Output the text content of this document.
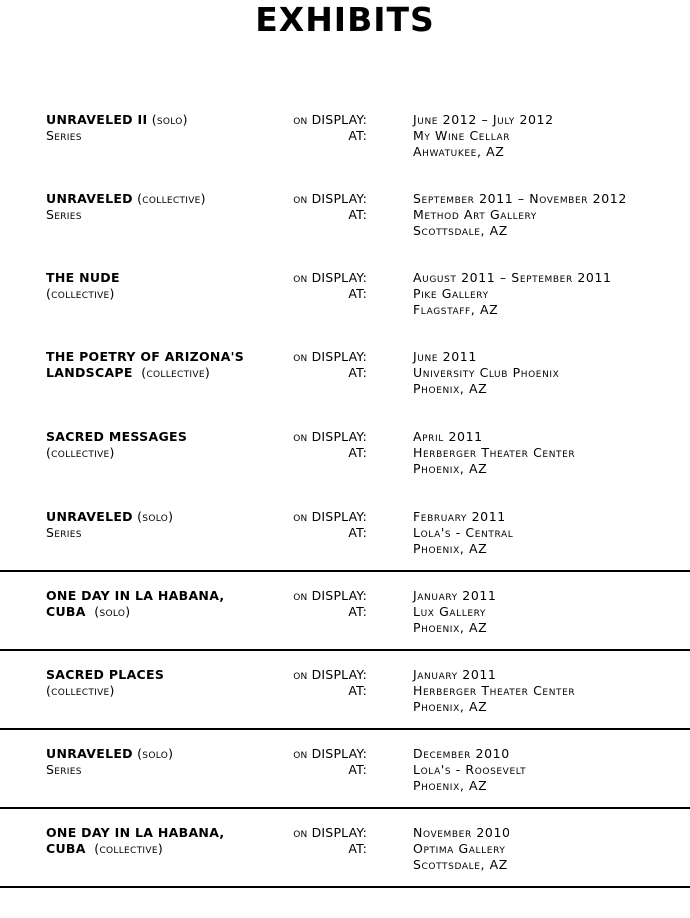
EXHIBITS
UNRAVELED II (solo)
Series
on DISPLAY:
AT:
June 2012 – July 2012
My Wine Cellar
Ahwatukee, AZ
UNRAVELED (collective)
Series
on DISPLAY:
AT:
September 2011 – November 2012
Method Art Gallery
Scottsdale, AZ
THE NUDE
(collective)
on DISPLAY:
AT:
August 2011 – September 2011
Pike Gallery
Flagstaff, AZ
THE POETRY OF ARIZONA'S
LANDSCAPE  (collective)
on DISPLAY:
AT:
June 2011
University Club Phoenix
Phoenix, AZ
SACRED MESSAGES
(collective)
on DISPLAY:
AT:
April 2011
Herberger Theater Center
Phoenix, AZ
UNRAVELED (solo)
Series
on DISPLAY:
AT:
February 2011
Lola's - Central
Phoenix, AZ
ONE DAY IN LA HABANA,
CUBA  (solo)
on DISPLAY:
AT:
January 2011
Lux Gallery
Phoenix, AZ
SACRED PLACES
(collective)
on DISPLAY:
AT:
January 2011
Herberger Theater Center
Phoenix, AZ
UNRAVELED (solo)
Series
on DISPLAY:
AT:
December 2010
Lola's - Roosevelt
Phoenix, AZ
ONE DAY IN LA HABANA,
CUBA  (collective)
on DISPLAY:
AT:
November 2010
Optima Gallery
Scottsdale, AZ
